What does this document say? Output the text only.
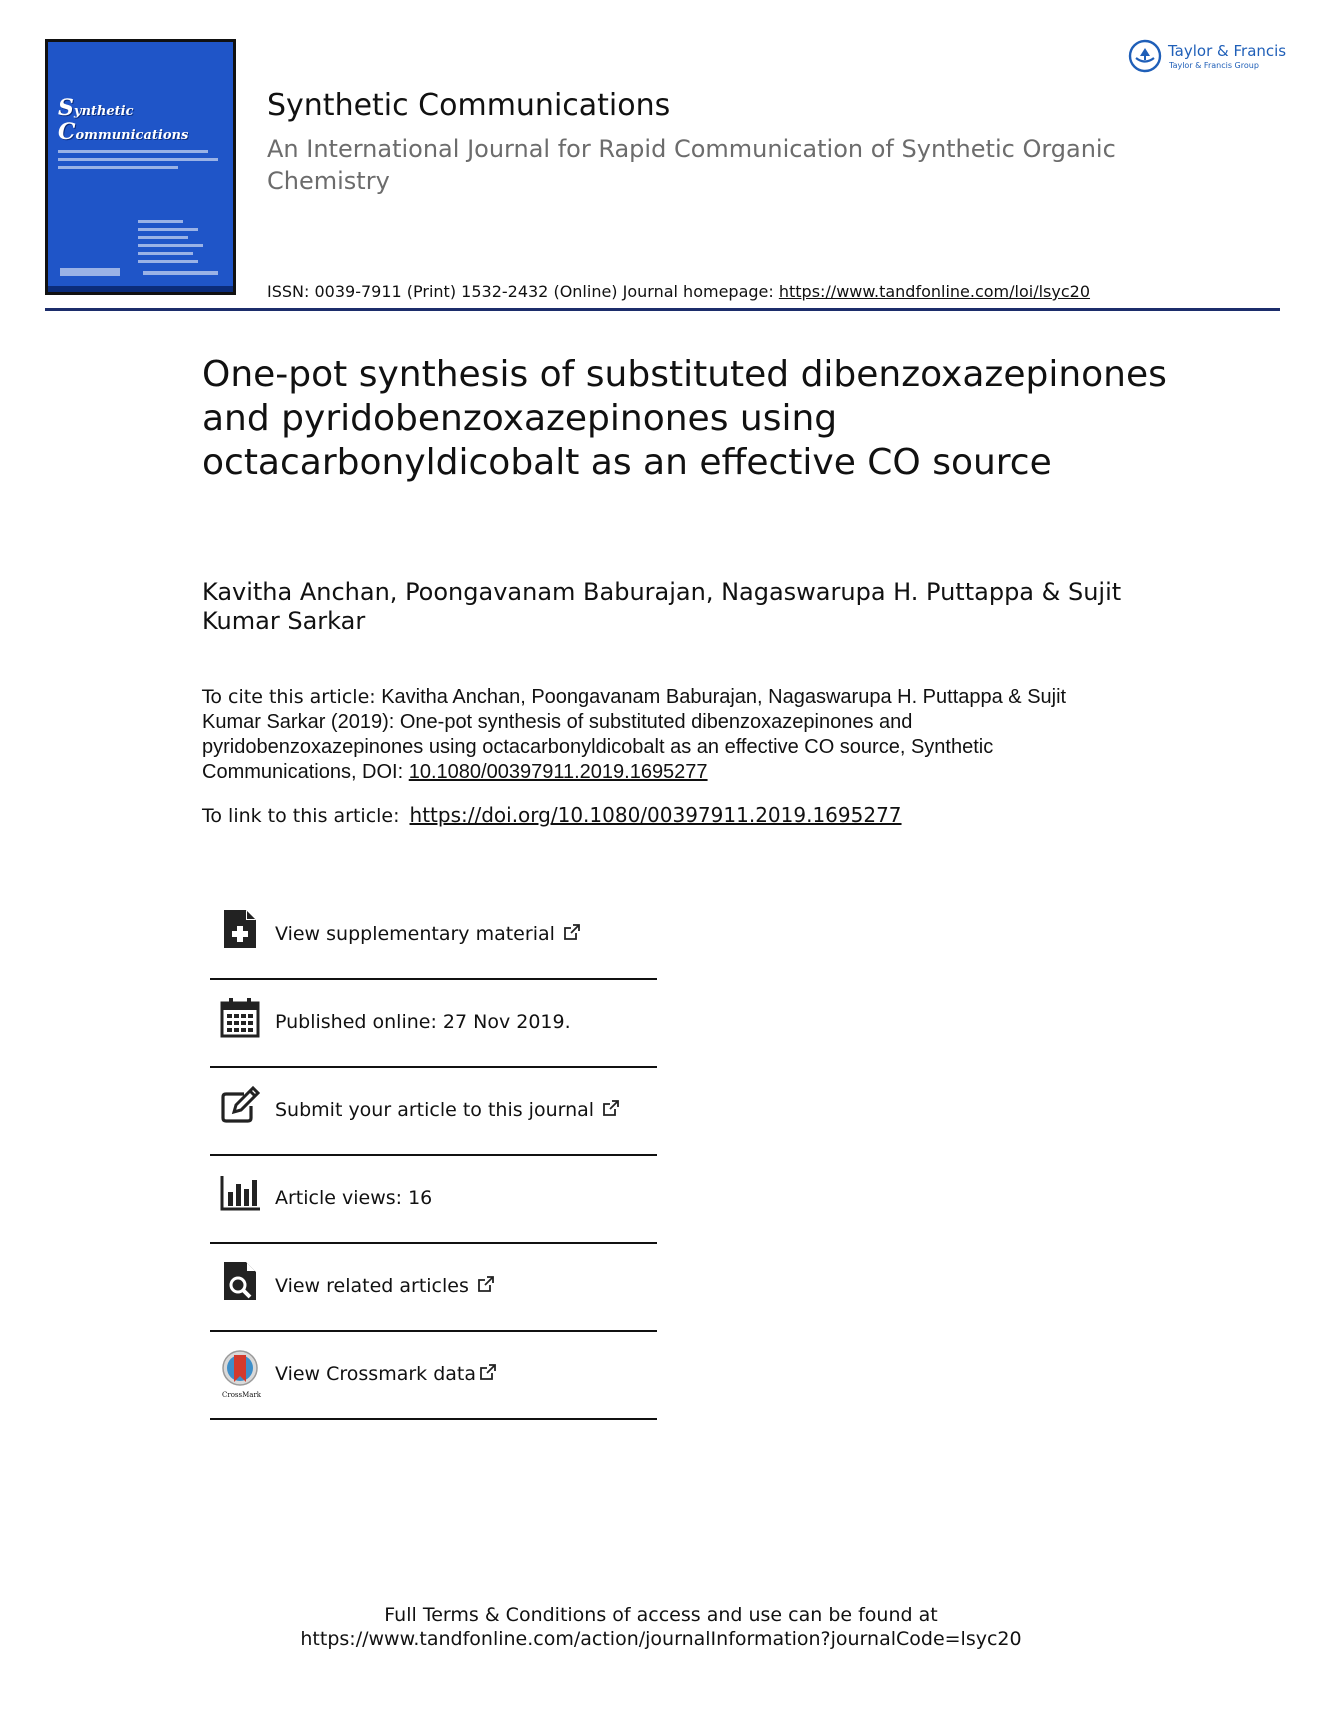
Synthetic
Communications
Synthetic Communications
An International Journal for Rapid Communication of Synthetic Organic Chemistry
ISSN: 0039-7911 (Print) 1532-2432 (Online) Journal homepage: https://www.tandfonline.com/loi/lsyc20
Taylor & Francis
Taylor & Francis Group
One-pot synthesis of substituted dibenzoxazepinones and pyridobenzoxazepinones using octacarbonyldicobalt as an effective CO source
Kavitha Anchan, Poongavanam Baburajan, Nagaswarupa H. Puttappa & Sujit Kumar Sarkar
To cite this article: Kavitha Anchan, Poongavanam Baburajan, Nagaswarupa H. Puttappa & Sujit Kumar Sarkar (2019): One-pot synthesis of substituted dibenzoxazepinones and pyridobenzoxazepinones using octacarbonyldicobalt as an effective CO source, Synthetic Communications, DOI: 10.1080/00397911.2019.1695277
To link to this article: https://doi.org/10.1080/00397911.2019.1695277
View supplementary material
Published online: 27 Nov 2019.
Submit your article to this journal
Article views: 16
View related articles
CrossMark
View Crossmark data
Full Terms & Conditions of access and use can be found at
https://www.tandfonline.com/action/journalInformation?journalCode=lsyc20
